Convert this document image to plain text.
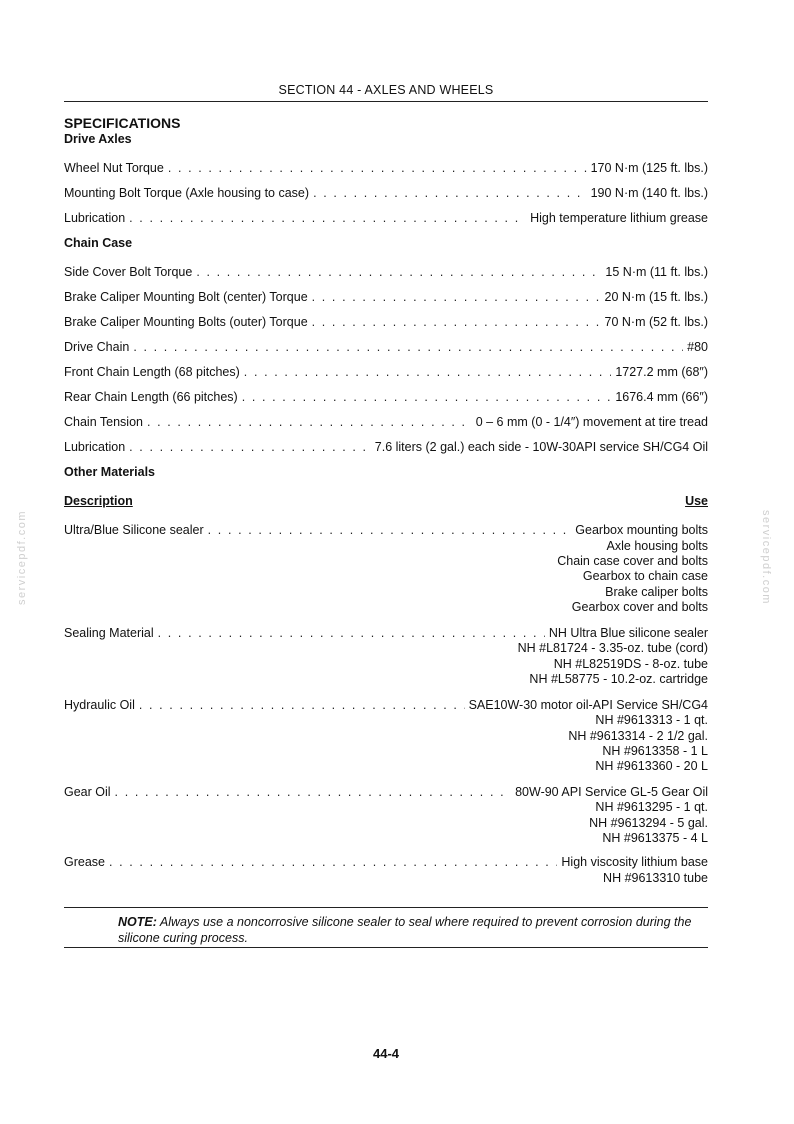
SECTION 44 - AXLES AND WHEELS
SPECIFICATIONS
Drive Axles
Wheel Nut Torque . . .	170 N·m (125 ft. lbs.)
Mounting Bolt Torque (Axle housing to case) . . .	190 N·m (140 ft. lbs.)
Lubrication . . .	High temperature lithium grease
Chain Case
Side Cover Bolt Torque . . .	15 N·m (11 ft. lbs.)
Brake Caliper Mounting Bolt (center) Torque . . .	20 N·m (15 ft. lbs.)
Brake Caliper Mounting Bolts (outer) Torque . . .	70 N·m (52 ft. lbs.)
Drive Chain . . .	#80
Front Chain Length (68 pitches) . . .	1727.2 mm (68″)
Rear Chain Length (66 pitches) . . .	1676.4 mm (66″)
Chain Tension . . .	0 – 6 mm (0 - 1/4″) movement at tire tread
Lubrication . . .	7.6 liters (2 gal.) each side - 10W-30API service SH/CG4 Oil
Other Materials
Description	Use
Ultra/Blue Silicone sealer . . .	Gearbox mounting bolts
Axle housing bolts
Chain case cover and bolts
Gearbox to chain case
Brake caliper bolts
Gearbox cover and bolts
Sealing Material . . .	NH Ultra Blue silicone sealer
NH #L81724 - 3.35-oz. tube (cord)
NH #L82519DS - 8-oz. tube
NH #L58775 - 10.2-oz. cartridge
Hydraulic Oil . . .	SAE10W-30 motor oil-API Service SH/CG4
NH #9613313 - 1 qt.
NH #9613314 - 2 1/2 gal.
NH #9613358 - 1 L
NH #9613360 - 20 L
Gear Oil . . .	80W-90 API Service GL-5 Gear Oil
NH #9613295 - 1 qt.
NH #9613294 - 5 gal.
NH #9613375 - 4 L
Grease . . .	High viscosity lithium base
NH #9613310 tube
NOTE: Always use a noncorrosive silicone sealer to seal where required to prevent corrosion during the silicone curing process.
44-4
servicepdf.com	servicepdf.com
